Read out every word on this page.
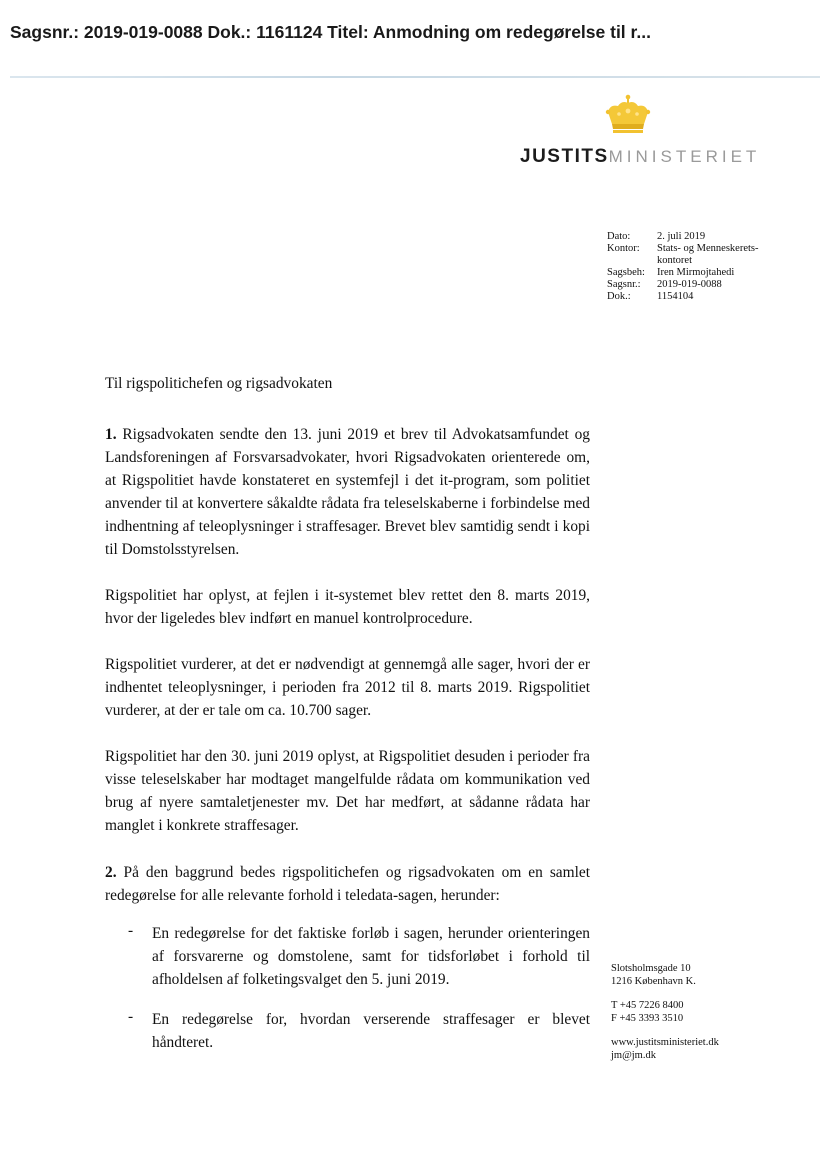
Sagsnr.: 2019-019-0088 Dok.: 1161124 Titel: Anmodning om redegørelse til r...
JUSTITSMINISTERIET
Dato:	2. juli 2019
Kontor:	Stats- og Menneskerets-
kontoret
Sagsbeh:	Iren Mirmojtahedi
Sagsnr.:	2019-019-0088
Dok.:	1154104
Til rigspolitichefen og rigsadvokaten
1. Rigsadvokaten sendte den 13. juni 2019 et brev til Advokatsamfundet og Landsforeningen af Forsvarsadvokater, hvori Rigsadvokaten orienterede om, at Rigspolitiet havde konstateret en systemfejl i det it-program, som politiet anvender til at konvertere såkaldte rådata fra teleselskaberne i forbindelse med indhentning af teleoplysninger i straffesager. Brevet blev samtidig sendt i kopi til Domstolsstyrelsen.
Rigspolitiet har oplyst, at fejlen i it-systemet blev rettet den 8. marts 2019, hvor der ligeledes blev indført en manuel kontrolprocedure.
Rigspolitiet vurderer, at det er nødvendigt at gennemgå alle sager, hvori der er indhentet teleoplysninger, i perioden fra 2012 til 8. marts 2019. Rigspolitiet vurderer, at der er tale om ca. 10.700 sager.
Rigspolitiet har den 30. juni 2019 oplyst, at Rigspolitiet desuden i perioder fra visse teleselskaber har modtaget mangelfulde rådata om kommunikation ved brug af nyere samtaletjenester mv. Det har medført, at sådanne rådata har manglet i konkrete straffesager.
2. På den baggrund bedes rigspolitichefen og rigsadvokaten om en samlet redegørelse for alle relevante forhold i teledata-sagen, herunder:
- En redegørelse for det faktiske forløb i sagen, herunder orienteringen af forsvarerne og domstolene, samt for tidsforløbet i forhold til afholdelsen af folketingsvalget den 5. juni 2019.
- En redegørelse for, hvordan verserende straffesager er blevet håndteret.
Slotsholmsgade 10
1216 København K.
T +45 7226 8400
F +45 3393 3510
www.justitsministeriet.dk
jm@jm.dk
